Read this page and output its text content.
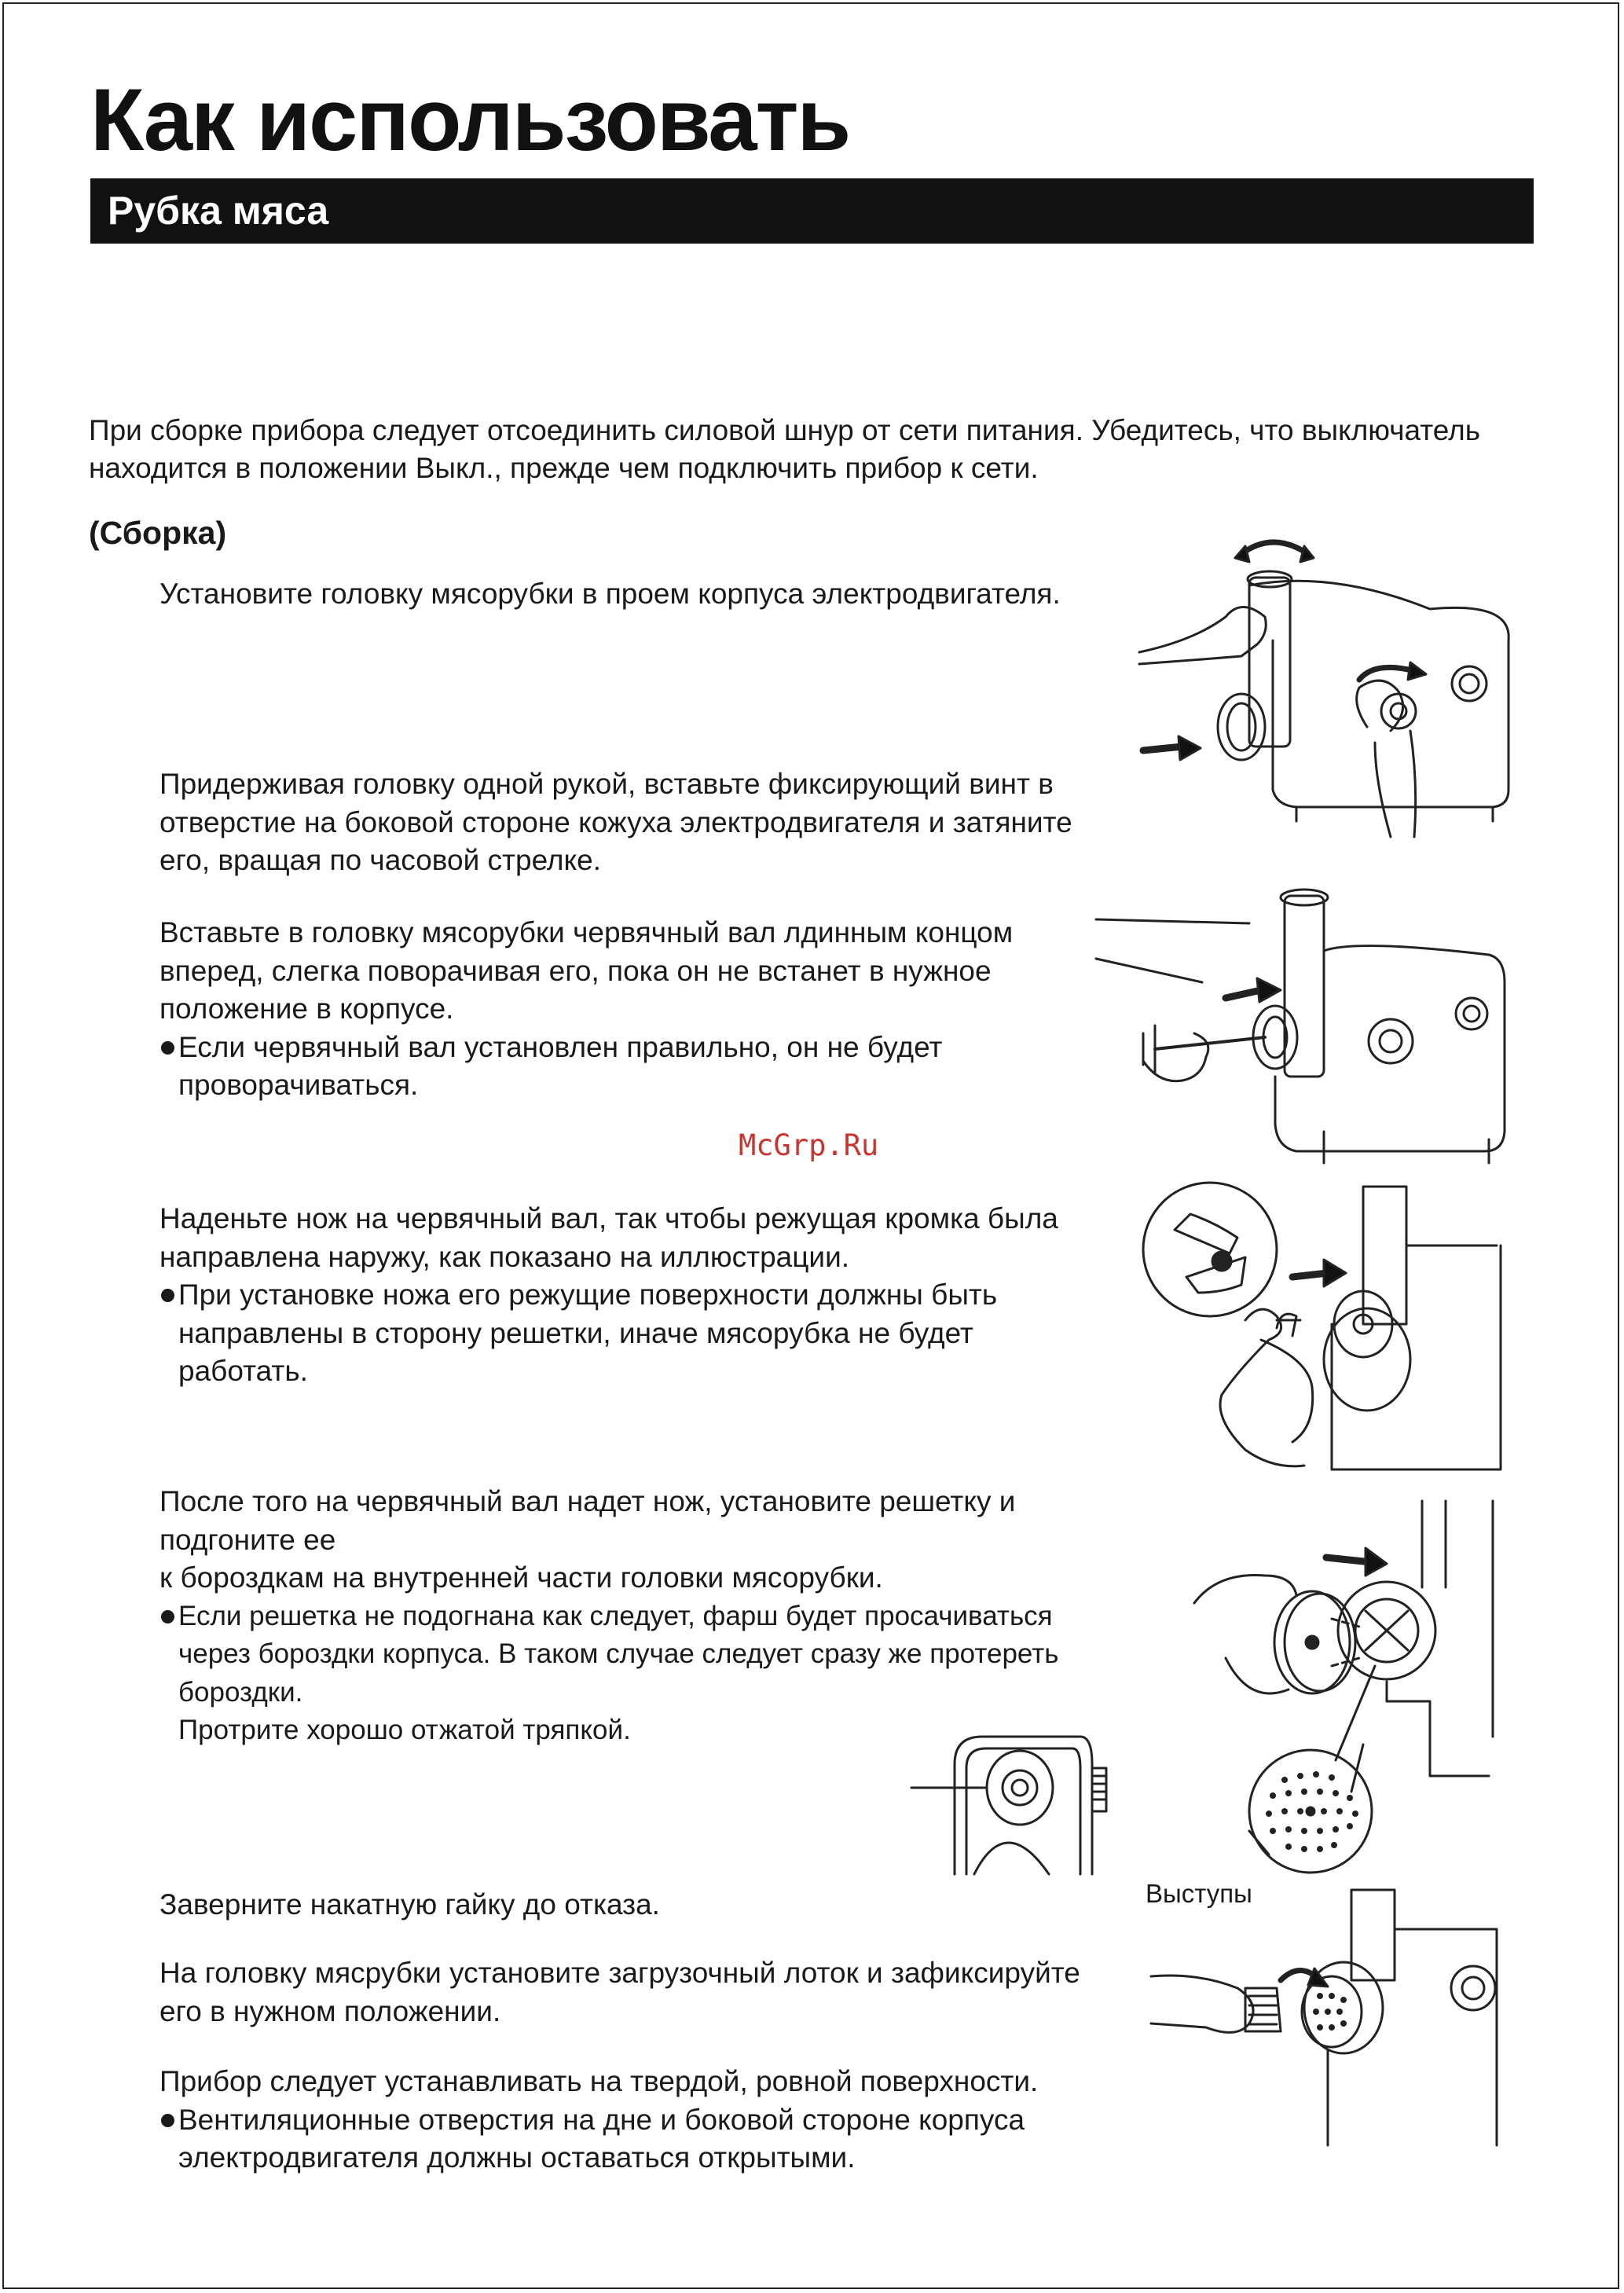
Как использовать
Рубка мяса
При сборке прибора следует отсоединить силовой шнур от сети питания. Убедитесь, что выключатель
находится в положении Выкл., прежде чем подключить прибор к сети.
(Сборка)
Установите головку мясорубки в проем корпуса электродвигателя.
Придерживая головку одной рукой, вставьте фиксирующий винт в
отверстие на боковой стороне кожуха электродвигателя и затяните
его, вращая по часовой стрелке.
Вставьте в головку мясорубки червячный вал лдинным концом
вперед, слегка поворачивая его, пока он не встанет в нужное
положение в корпусе.
Если червячный вал установлен правильно, он не будет
проворачиваться.
McGrp.Ru
Наденьте нож на червячный вал, так чтобы режущая кромка была
направлена наружу, как показано на иллюстрации.
При установке ножа его режущие поверхности должны быть
направлены в сторону решетки, иначе мясорубка не будет
работать.
После того на червячный вал надет нож, установите решетку и
подгоните ее
к бороздкам на внутренней части головки мясорубки.
Если решетка не подогнана как следует, фарш будет просачиваться
через бороздки корпуса. В таком случае следует сразу же протереть
бороздки.
Протрите хорошо отжатой тряпкой.
Заверните накатную гайку до отказа.
На головку мясрубки установите загрузочный лоток и зафиксируйте
его в нужном положении.
Прибор следует устанавливать на твердой, ровной поверхности.
Вентиляционные отверстия на дне и боковой стороне корпуса
электродвигателя должны оставаться открытыми.
Выступы
